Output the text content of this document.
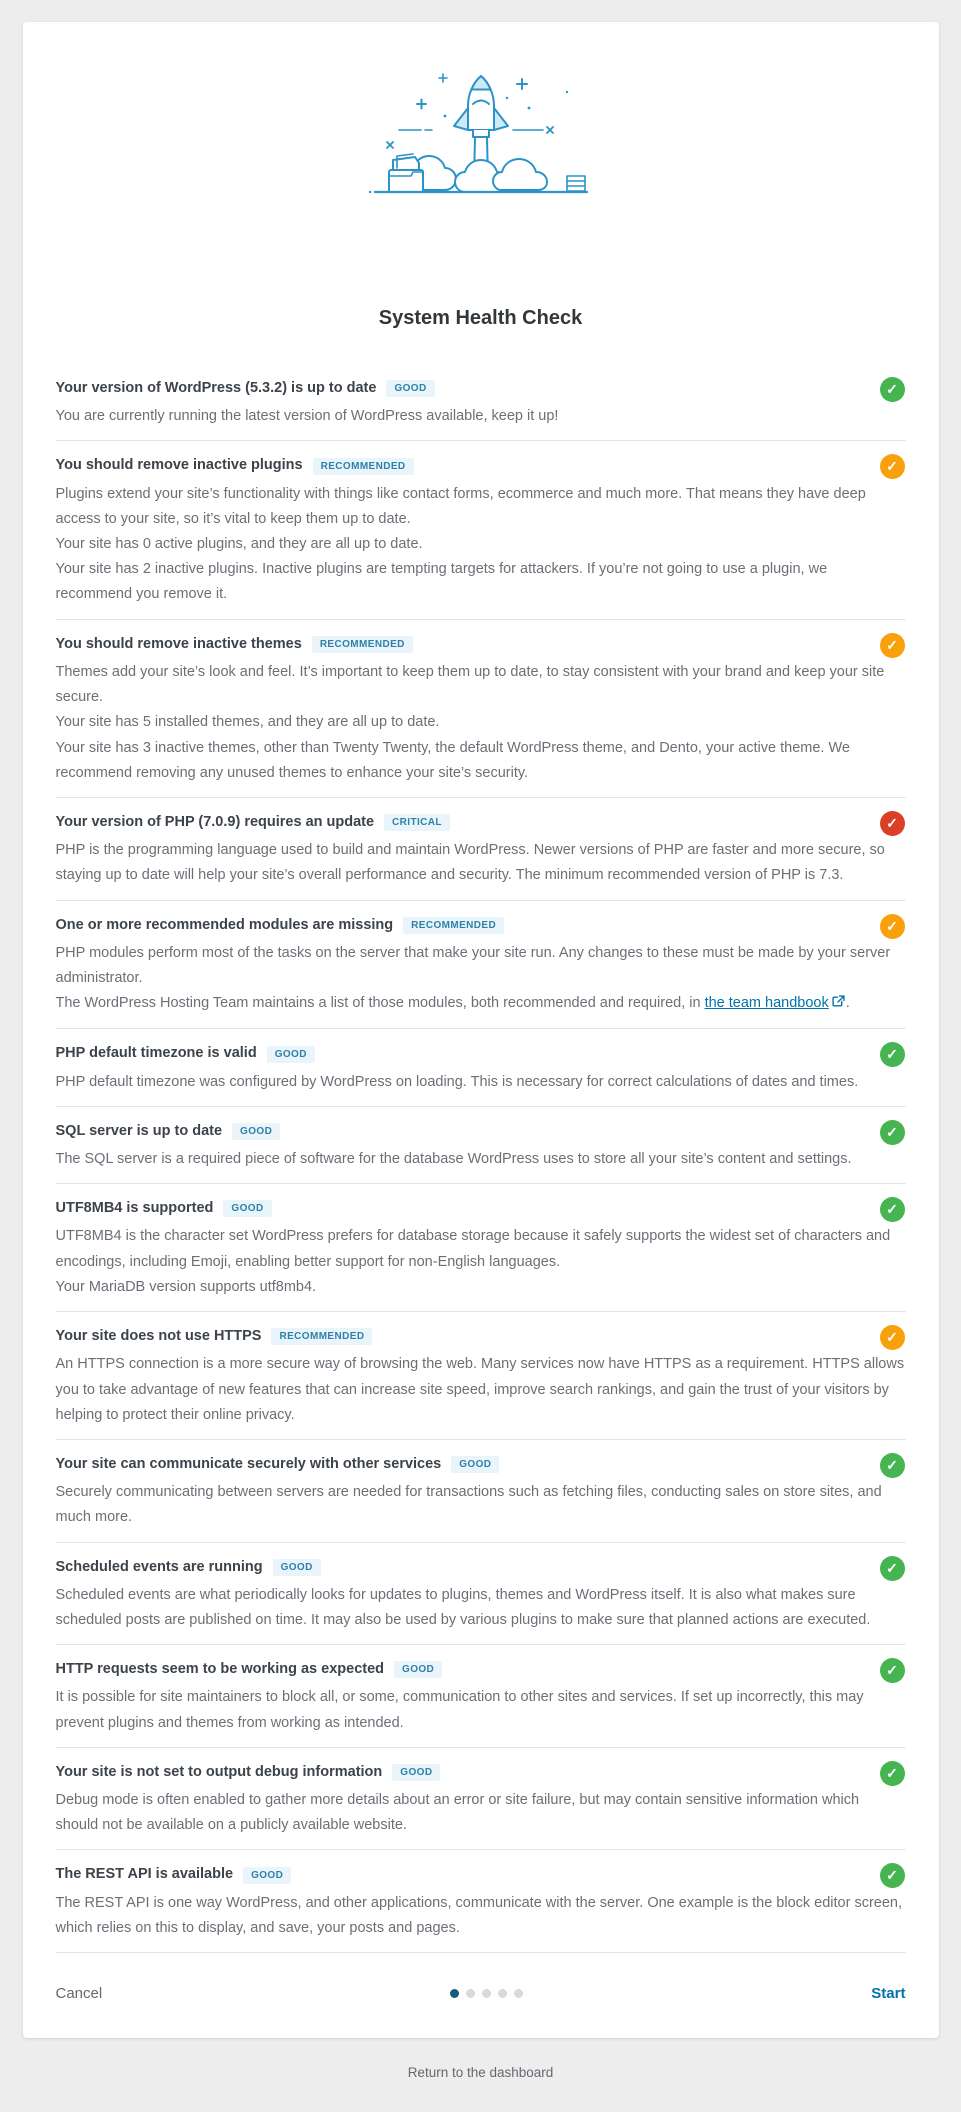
System Health Check
Your version of WordPress (5.3.2) is up to date	GOOD	✓

You are currently running the latest version of WordPress available, keep it up!

You should remove inactive plugins	RECOMMENDED	✓

Plugins extend your site’s functionality with things like contact forms, ecommerce and much more. That means they have deep access to your site, so it’s vital to keep them up to date.

Your site has 0 active plugins, and they are all up to date.

Your site has 2 inactive plugins. Inactive plugins are tempting targets for attackers. If you’re not going to use a plugin, we recommend you remove it.

You should remove inactive themes	RECOMMENDED	✓

Themes add your site’s look and feel. It’s important to keep them up to date, to stay consistent with your brand and keep your site secure.

Your site has 5 installed themes, and they are all up to date.

Your site has 3 inactive themes, other than Twenty Twenty, the default WordPress theme, and Dento, your active theme. We recommend removing any unused themes to enhance your site’s security.

Your version of PHP (7.0.9) requires an update	CRITICAL	✓

PHP is the programming language used to build and maintain WordPress. Newer versions of PHP are faster and more secure, so staying up to date will help your site’s overall performance and security. The minimum recommended version of PHP is 7.3.

One or more recommended modules are missing	RECOMMENDED	✓

PHP modules perform most of the tasks on the server that make your site run. Any changes to these must be made by your server administrator.

The WordPress Hosting Team maintains a list of those modules, both recommended and required, in the team handbook .

PHP default timezone is valid	GOOD	✓

PHP default timezone was configured by WordPress on loading. This is necessary for correct calculations of dates and times.

SQL server is up to date	GOOD	✓

The SQL server is a required piece of software for the database WordPress uses to store all your site’s content and settings.

UTF8MB4 is supported	GOOD	✓

UTF8MB4 is the character set WordPress prefers for database storage because it safely supports the widest set of characters and encodings, including Emoji, enabling better support for non-English languages.

Your MariaDB version supports utf8mb4.

Your site does not use HTTPS	RECOMMENDED	✓

An HTTPS connection is a more secure way of browsing the web. Many services now have HTTPS as a requirement. HTTPS allows you to take advantage of new features that can increase site speed, improve search rankings, and gain the trust of your visitors by helping to protect their online privacy.

Your site can communicate securely with other services	GOOD	✓

Securely communicating between servers are needed for transactions such as fetching files, conducting sales on store sites, and much more.

Scheduled events are running	GOOD	✓

Scheduled events are what periodically looks for updates to plugins, themes and WordPress itself. It is also what makes sure scheduled posts are published on time. It may also be used by various plugins to make sure that planned actions are executed.

HTTP requests seem to be working as expected	GOOD	✓

It is possible for site maintainers to block all, or some, communication to other sites and services. If set up incorrectly, this may prevent plugins and themes from working as intended.

Your site is not set to output debug information	GOOD	✓

Debug mode is often enabled to gather more details about an error or site failure, but may contain sensitive information which should not be available on a publicly available website.

The REST API is available	GOOD	✓

The REST API is one way WordPress, and other applications, communicate with the server. One example is the block editor screen, which relies on this to display, and save, your posts and pages.

Cancel	Start
Return to the dashboard
